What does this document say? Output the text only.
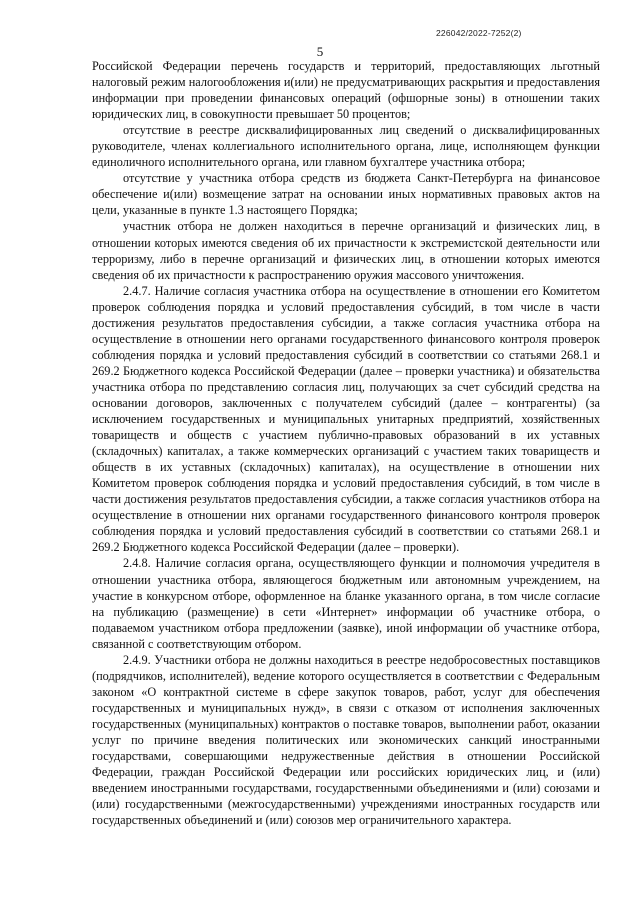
226042/2022-7252(2)
5

Российской Федерации перечень государств и территорий, предоставляющих льготный налоговый режим налогообложения и(или) не предусматривающих раскрытия и предоставления информации при проведении финансовых операций (офшорные зоны) в отношении таких юридических лиц, в совокупности превышает 50 процентов;

отсутствие в реестре дисквалифицированных лиц сведений о дисквалифицированных руководителе, членах коллегиального исполнительного органа, лице, исполняющем функции единоличного исполнительного органа, или главном бухгалтере участника отбора;

отсутствие у участника отбора средств из бюджета Санкт-Петербурга на финансовое обеспечение и(или) возмещение затрат на основании иных нормативных правовых актов на цели, указанные в пункте 1.3 настоящего Порядка;

участник отбора не должен находиться в перечне организаций и физических лиц, в отношении которых имеются сведения об их причастности к экстремистской деятельности или терроризму, либо в перечне организаций и физических лиц, в отношении которых имеются сведения об их причастности к распространению оружия массового уничтожения.

2.4.7. Наличие согласия участника отбора на осуществление в отношении его Комитетом проверок соблюдения порядка и условий предоставления субсидий, в том числе в части достижения результатов предоставления субсидии, а также согласия участника отбора на осуществление в отношении него органами государственного финансового контроля проверок соблюдения порядка и условий предоставления субсидий в соответствии со статьями 268.1 и 269.2 Бюджетного кодекса Российской Федерации (далее – проверки участника) и обязательства участника отбора по представлению согласия лиц, получающих за счет субсидий средства на основании договоров, заключенных с получателем субсидий (далее – контрагенты) (за исключением государственных и муниципальных унитарных предприятий, хозяйственных товариществ и обществ с участием публично-правовых образований в их уставных (складочных) капиталах, а также коммерческих организаций с участием таких товариществ и обществ в их уставных (складочных) капиталах), на осуществление в отношении них Комитетом проверок соблюдения порядка и условий предоставления субсидий, в том числе в части достижения результатов предоставления субсидии, а также согласия участников отбора на осуществление в отношении них органами государственного финансового контроля проверок соблюдения порядка и условий предоставления субсидий в соответствии со статьями 268.1 и 269.2 Бюджетного кодекса Российской Федерации (далее – проверки).

2.4.8. Наличие согласия органа, осуществляющего функции и полномочия учредителя в отношении участника отбора, являющегося бюджетным или автономным учреждением, на участие в конкурсном отборе, оформленное на бланке указанного органа, в том числе согласие на публикацию (размещение) в сети «Интернет» информации об участнике отбора, о подаваемом участником отбора предложении (заявке), иной информации об участнике отбора, связанной с соответствующим отбором.

2.4.9. Участники отбора не должны находиться в реестре недобросовестных поставщиков (подрядчиков, исполнителей), ведение которого осуществляется в соответствии с Федеральным законом «О контрактной системе в сфере закупок товаров, работ, услуг для обеспечения государственных и муниципальных нужд», в связи с отказом от исполнения заключенных государственных (муниципальных) контрактов о поставке товаров, выполнении работ, оказании услуг по причине введения политических или экономических санкций иностранными государствами, совершающими недружественные действия в отношении Российской Федерации, граждан Российской Федерации или российских юридических лиц, и (или) введением иностранными государствами, государственными объединениями и (или) союзами и (или) государственными (межгосударственными) учреждениями иностранных государств или государственных объединений и (или) союзов мер ограничительного характера.
